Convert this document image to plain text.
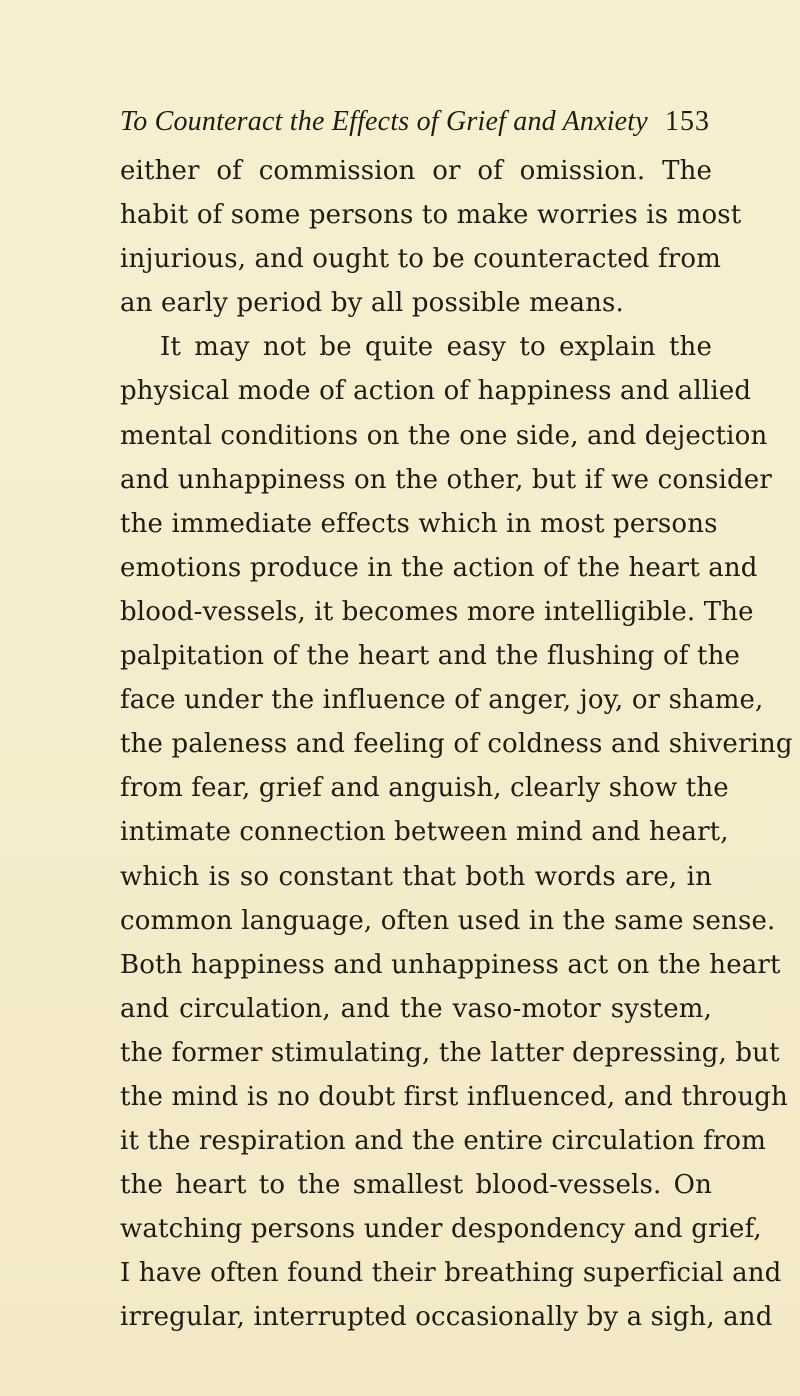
To Counteract the Effects of Grief and Anxiety 153
either of commission or of omission. The
habit of some persons to make worries is most
injurious, and ought to be counteracted from
an early period by all possible means.
It may not be quite easy to explain the
physical mode of action of happiness and allied
mental conditions on the one side, and dejection
and unhappiness on the other, but if we consider
the immediate effects which in most persons
emotions produce in the action of the heart and
blood-vessels, it becomes more intelligible. The
palpitation of the heart and the flushing of the
face under the influence of anger, joy, or shame,
the paleness and feeling of coldness and shivering
from fear, grief and anguish, clearly show the
intimate connection between mind and heart,
which is so constant that both words are, in
common language, often used in the same sense.
Both happiness and unhappiness act on the heart
and circulation, and the vaso-motor system,
the former stimulating, the latter depressing, but
the mind is no doubt first influenced, and through
it the respiration and the entire circulation from
the heart to the smallest blood-vessels. On
watching persons under despondency and grief,
I have often found their breathing superficial and
irregular, interrupted occasionally by a sigh, and
